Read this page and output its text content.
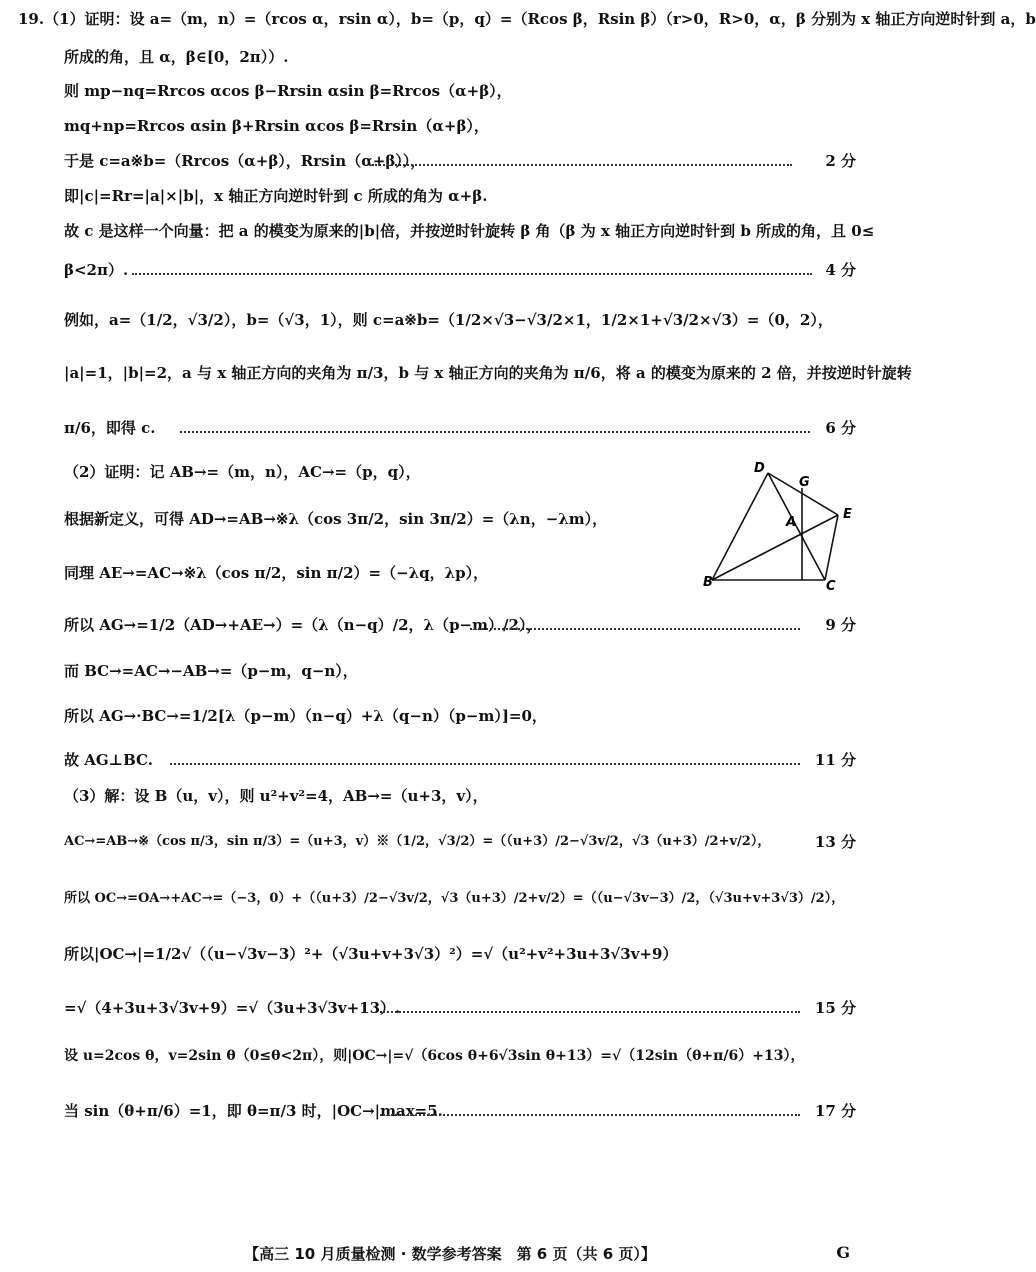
19.（1）证明：设 a=（m，n）=（rcos α，rsin α），b=（p，q）=（Rcos β，Rsin β）（r>0，R>0，α，β 分别为 x 轴正方向逆时针到 a，b
所成的角，且 α，β∈[0，2π））.
则 mp−nq=Rrcos αcos β−Rrsin αsin β=Rrcos（α+β），
mq+np=Rrcos αsin β+Rrsin αcos β=Rrsin（α+β），
于是 c=a※b=（Rrcos（α+β），Rrsin（α+β）），	2 分
即|c|=Rr=|a|×|b|，x 轴正方向逆时针到 c 所成的角为 α+β.
故 c 是这样一个向量：把 a 的模变为原来的|b|倍，并按逆时针旋转 β 角（β 为 x 轴正方向逆时针到 b 所成的角，且 0≤
β<2π）.	4 分
例如，a=（1/2，√3/2），b=（√3，1），则 c=a※b=（1/2×√3−√3/2×1，1/2×1+√3/2×√3）=（0，2），
|a|=1，|b|=2，a 与 x 轴正方向的夹角为 π/3，b 与 x 轴正方向的夹角为 π/6，将 a 的模变为原来的 2 倍，并按逆时针旋转
π/6，即得 c.	6 分
（2）证明：记 AB→=（m，n），AC→=（p，q），
根据新定义，可得 AD→=AB→※λ（cos 3π/2，sin 3π/2）=（λn，−λm），
同理 AE→=AC→※λ（cos π/2，sin π/2）=（−λq，λp），
所以 AG→=1/2（AD→+AE→）=（λ（n−q）/2，λ（p−m）/2），	9 分
而 BC→=AC→−AB→=（p−m，q−n），
所以 AG→·BC→=1/2[λ（p−m）（n−q）+λ（q−n）（p−m）]=0，
故 AG⊥BC.	11 分
（3）解：设 B（u，v），则 u²+v²=4，AB→=（u+3，v），
AC→=AB→※（cos π/3，sin π/3）=（u+3，v）※（1/2，√3/2）=（（u+3）/2−√3v/2，√3（u+3）/2+v/2），	13 分
所以 OC→=OA→+AC→=（−3，0）+（（u+3）/2−√3v/2，√3（u+3）/2+v/2）=（（u−√3v−3）/2，（√3u+v+3√3）/2），
所以|OC→|=1/2√（（u−√3v−3）²+（√3u+v+3√3）²）=√（u²+v²+3u+3√3v+9）
=√（4+3u+3√3v+9）=√（3u+3√3v+13）.	15 分
设 u=2cos θ，v=2sin θ（0≤θ<2π），则|OC→|=√（6cos θ+6√3sin θ+13）=√（12sin（θ+π/6）+13），
当 sin（θ+π/6）=1，即 θ=π/3 时，|OC→|max=5.	17 分
D
G
E
A
B	C
【高三 10 月质量检测 · 数学参考答案　第 6 页（共 6 页）】	G
